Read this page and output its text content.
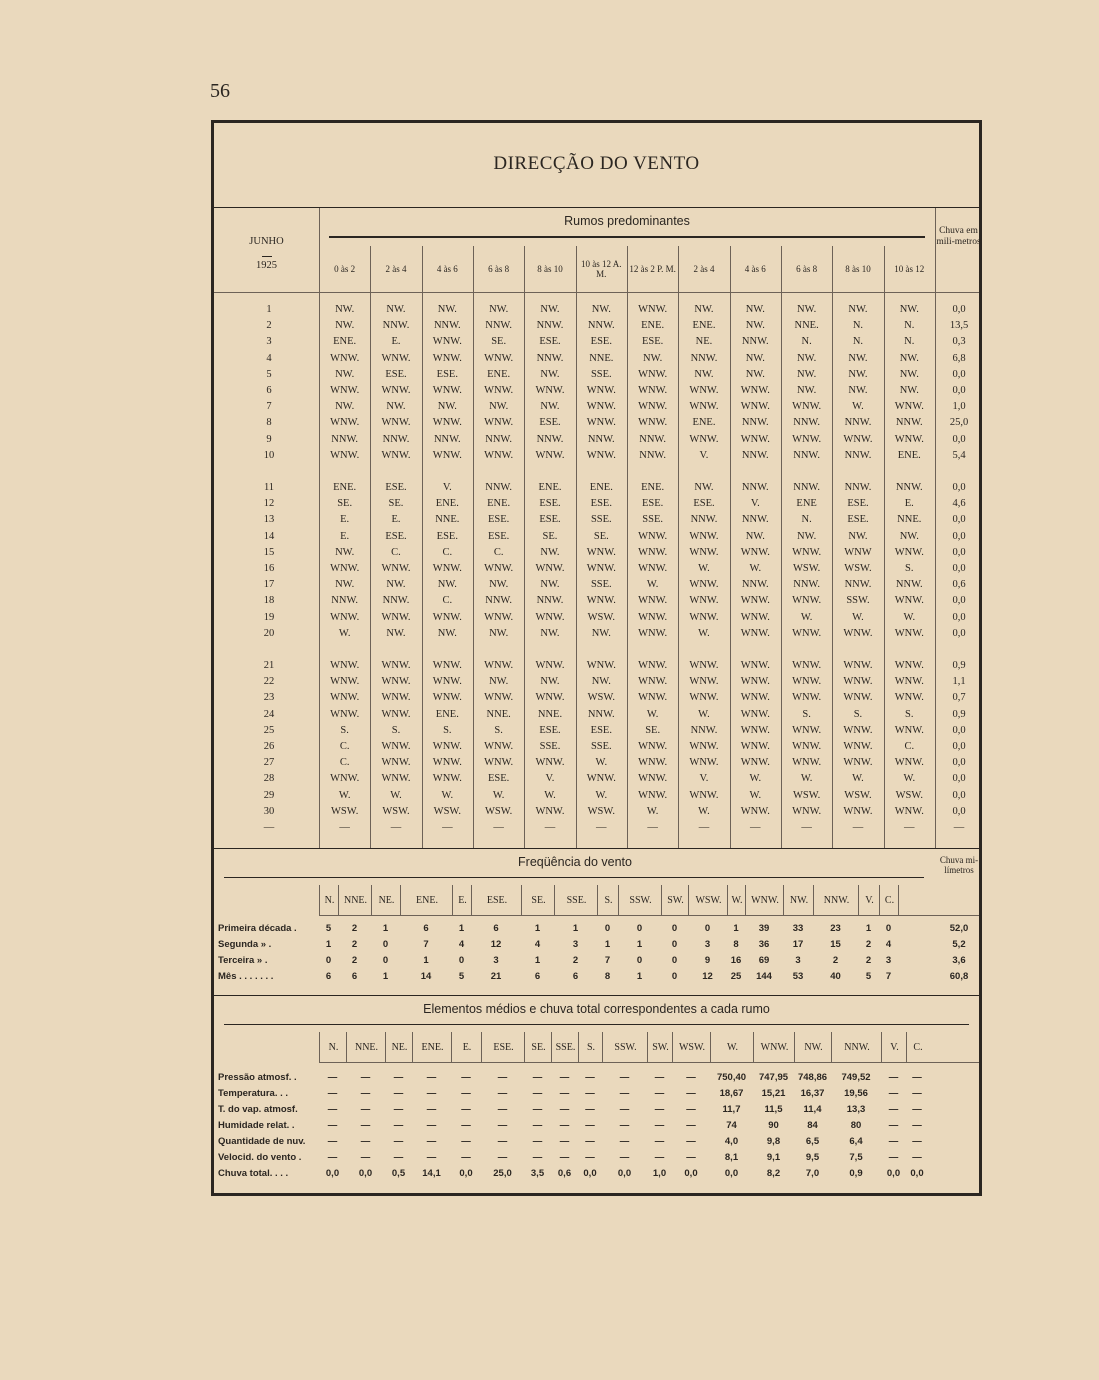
56
DIRECÇÃO DO VENTO
JUNHO
1925
Rumos predominantes
Chuva em mili-metros
0 às 2	2 às 4	4 às 6	6 às 8	8 às 10	10 às 12 A. M.	12 às 2 P. M.	2 às 4	4 às 6	6 às 8	8 às 10	10 às 12
1	NW.	NW.	NW.	NW.	NW.	NW.	WNW.	NW.	NW.	NW.	NW.	NW.	0,0
2	NW.	NNW.	NNW.	NNW.	NNW.	NNW.	ENE.	ENE.	NW.	NNE.	N.	N.	13,5
3	ENE.	E.	WNW.	SE.	ESE.	ESE.	ESE.	NE.	NNW.	N.	N.	N.	0,3
4	WNW.	WNW.	WNW.	WNW.	NNW.	NNE.	NW.	NNW.	NW.	NW.	NW.	NW.	6,8
5	NW.	ESE.	ESE.	ENE.	NW.	SSE.	WNW.	NW.	NW.	NW.	NW.	NW.	0,0
6	WNW.	WNW.	WNW.	WNW.	WNW.	WNW.	WNW.	WNW.	WNW.	NW.	NW.	NW.	0,0
7	NW.	NW.	NW.	NW.	NW.	WNW.	WNW.	WNW.	WNW.	WNW.	W.	WNW.	1,0
8	WNW.	WNW.	WNW.	WNW.	ESE.	WNW.	WNW.	ENE.	NNW.	NNW.	NNW.	NNW.	25,0
9	NNW.	NNW.	NNW.	NNW.	NNW.	NNW.	NNW.	WNW.	WNW.	WNW.	WNW.	WNW.	0,0
10	WNW.	WNW.	WNW.	WNW.	WNW.	WNW.	NNW.	V.	NNW.	NNW.	NNW.	ENE.	5,4
11	ENE.	ESE.	V.	NNW.	ENE.	ENE.	ENE.	NW.	NNW.	NNW.	NNW.	NNW.	0,0
12	SE.	SE.	ENE.	ENE.	ESE.	ESE.	ESE.	ESE.	V.	ENE	ESE.	E.	4,6
13	E.	E.	NNE.	ESE.	ESE.	SSE.	SSE.	NNW.	NNW.	N.	ESE.	NNE.	0,0
14	E.	ESE.	ESE.	ESE.	SE.	SE.	WNW.	WNW.	NW.	NW.	NW.	NW.	0,0
15	NW.	C.	C.	C.	NW.	WNW.	WNW.	WNW.	WNW.	WNW.	WNW	WNW.	0,0
16	WNW.	WNW.	WNW.	WNW.	WNW.	WNW.	WNW.	W.	W.	WSW.	WSW.	S.	0,0
17	NW.	NW.	NW.	NW.	NW.	SSE.	W.	WNW.	NNW.	NNW.	NNW.	NNW.	0,6
18	NNW.	NNW.	C.	NNW.	NNW.	WNW.	WNW.	WNW.	WNW.	WNW.	SSW.	WNW.	0,0
19	WNW.	WNW.	WNW.	WNW.	WNW.	WSW.	WNW.	WNW.	WNW.	W.	W.	W.	0,0
20	W.	NW.	NW.	NW.	NW.	NW.	WNW.	W.	WNW.	WNW.	WNW.	WNW.	0,0
21	WNW.	WNW.	WNW.	WNW.	WNW.	WNW.	WNW.	WNW.	WNW.	WNW.	WNW.	WNW.	0,9
22	WNW.	WNW.	WNW.	NW.	NW.	NW.	WNW.	WNW.	WNW.	WNW.	WNW.	WNW.	1,1
23	WNW.	WNW.	WNW.	WNW.	WNW.	WSW.	WNW.	WNW.	WNW.	WNW.	WNW.	WNW.	0,7
24	WNW.	WNW.	ENE.	NNE.	NNE.	NNW.	W.	W.	WNW.	S.	S.	S.	0,9
25	S.	S.	S.	S.	ESE.	ESE.	SE.	NNW.	WNW.	WNW.	WNW.	WNW.	0,0
26	C.	WNW.	WNW.	WNW.	SSE.	SSE.	WNW.	WNW.	WNW.	WNW.	WNW.	C.	0,0
27	C.	WNW.	WNW.	WNW.	WNW.	W.	WNW.	WNW.	WNW.	WNW.	WNW.	WNW.	0,0
28	WNW.	WNW.	WNW.	ESE.	V.	WNW.	WNW.	V.	W.	W.	W.	W.	0,0
29	W.	W.	W.	W.	W.	W.	WNW.	WNW.	W.	WSW.	WSW.	WSW.	0,0
30	WSW.	WSW.	WSW.	WSW.	WNW.	WSW.	W.	W.	WNW.	WNW.	WNW.	WNW.	0,0
—	—	—	—	—	—	—	—	—	—	—	—	—	—
Freqüência do vento	Chuva mi-límetros
N. NNE.	NE.	ENE.	E.	ESE.	SE.	SSE.	S.	SSW.	SW.	WSW. W. WNW.	NW.	NNW.	V.	C.
Primeira década .	5	2	1	6	1	6	1	1	0	0	0	0	1	39	33	23	1	0	52,0
Segunda » .	1	2	0	7	4	12	4	3	1	1	0	3	8	36	17	15	2	4	5,2
Terceira » .	0	2	0	1	0	3	1	2	7	0	0	9	16	69	3	2	2	3	3,6
Mês . . . . . . .	6	6	1	14	5	21	6	6	8	1	0	12	25	144	53	40	5	7	60,8
Elementos médios e chuva total correspondentes a cada rumo
N.	NNE.	NE.	ENE.	E.	ESE.	SE.	SSE.	S.	SSW.	SW.	WSW.	W.	WNW.	NW.	NNW.	V.	C.
Pressão atmosf. .	—	—	—	—	—	—	—	—	—	—	—	—	750,40	747,95	748,86	749,52	—	—
Temperatura. . .	—	—	—	—	—	—	—	—	—	—	—	—	18,67	15,21	16,37	19,56	—	—
T. do vap. atmosf.	—	—	—	—	—	—	—	—	—	—	—	—	11,7	11,5	11,4	13,3	—	—
Humidade relat. .	—	—	—	—	—	—	—	—	—	—	—	—	74	90	84	80	—	—
Quantidade de nuv.	—	—	—	—	—	—	—	—	—	—	—	—	4,0	9,8	6,5	6,4	—	—
Velocid. do vento .	—	—	—	—	—	—	—	—	—	—	—	—	8,1	9,1	9,5	7,5	—	—
Chuva total. . . .	0,0	0,0	0,5	14,1	0,0	25,0	3,5	0,6	0,0	0,0	1,0	0,0	0,0	8,2	7,0	0,9	0,0	0,0
